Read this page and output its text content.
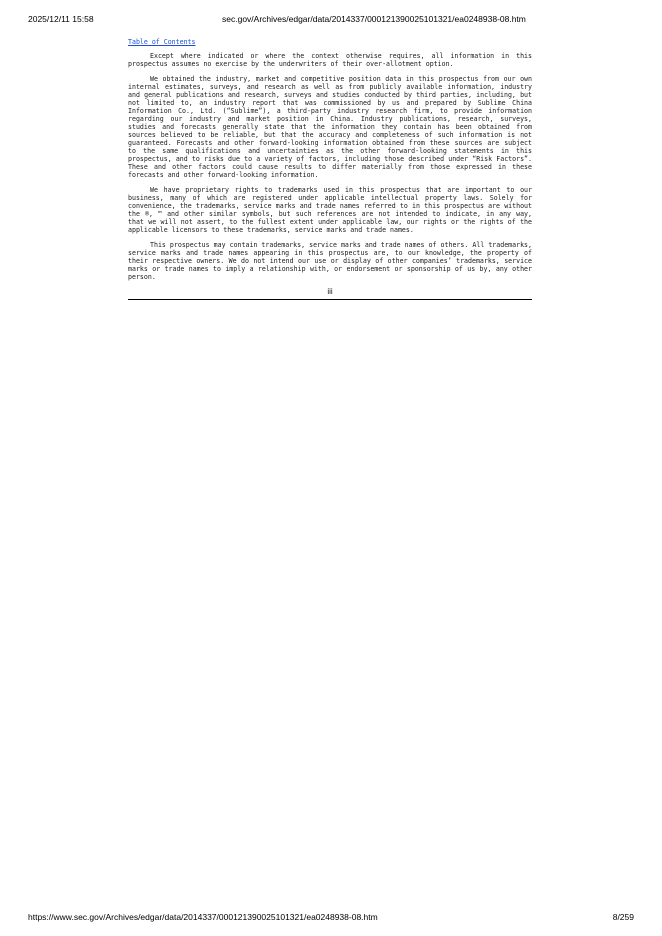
2025/12/11 15:58	sec.gov/Archives/edgar/data/2014337/000121390025101321/ea0248938-08.htm
Table of Contents

Except where indicated or where the context otherwise requires, all information in this prospectus assumes no exercise by the underwriters of their over-allotment option.

We obtained the industry, market and competitive position data in this prospectus from our own internal estimates, surveys, and research as well as from publicly available information, industry and general publications and research, surveys and studies conducted by third parties, including, but not limited to, an industry report that was commissioned by us and prepared by Sublime China Information Co., Ltd. (“Sublime”), a third-party industry research firm, to provide information regarding our industry and market position in China. Industry publications, research, surveys, studies and forecasts generally state that the information they contain has been obtained from sources believed to be reliable, but that the accuracy and completeness of such information is not guaranteed. Forecasts and other forward-looking information obtained from these sources are subject to the same qualifications and uncertainties as the other forward-looking statements in this prospectus, and to risks due to a variety of factors, including those described under “Risk Factors”. These and other factors could cause results to differ materially from those expressed in these forecasts and other forward-looking information.

We have proprietary rights to trademarks used in this prospectus that are important to our business, many of which are registered under applicable intellectual property laws. Solely for convenience, the trademarks, service marks and trade names referred to in this prospectus are without the ®, ™ and other similar symbols, but such references are not intended to indicate, in any way, that we will not assert, to the fullest extent under applicable law, our rights or the rights of the applicable licensors to these trademarks, service marks and trade names.

This prospectus may contain trademarks, service marks and trade names of others. All trademarks, service marks and trade names appearing in this prospectus are, to our knowledge, the property of their respective owners. We do not intend our use or display of other companies’ trademarks, service marks or trade names to imply a relationship with, or endorsement or sponsorship of us by, any other person.

iii
https://www.sec.gov/Archives/edgar/data/2014337/000121390025101321/ea0248938-08.htm	8/259
